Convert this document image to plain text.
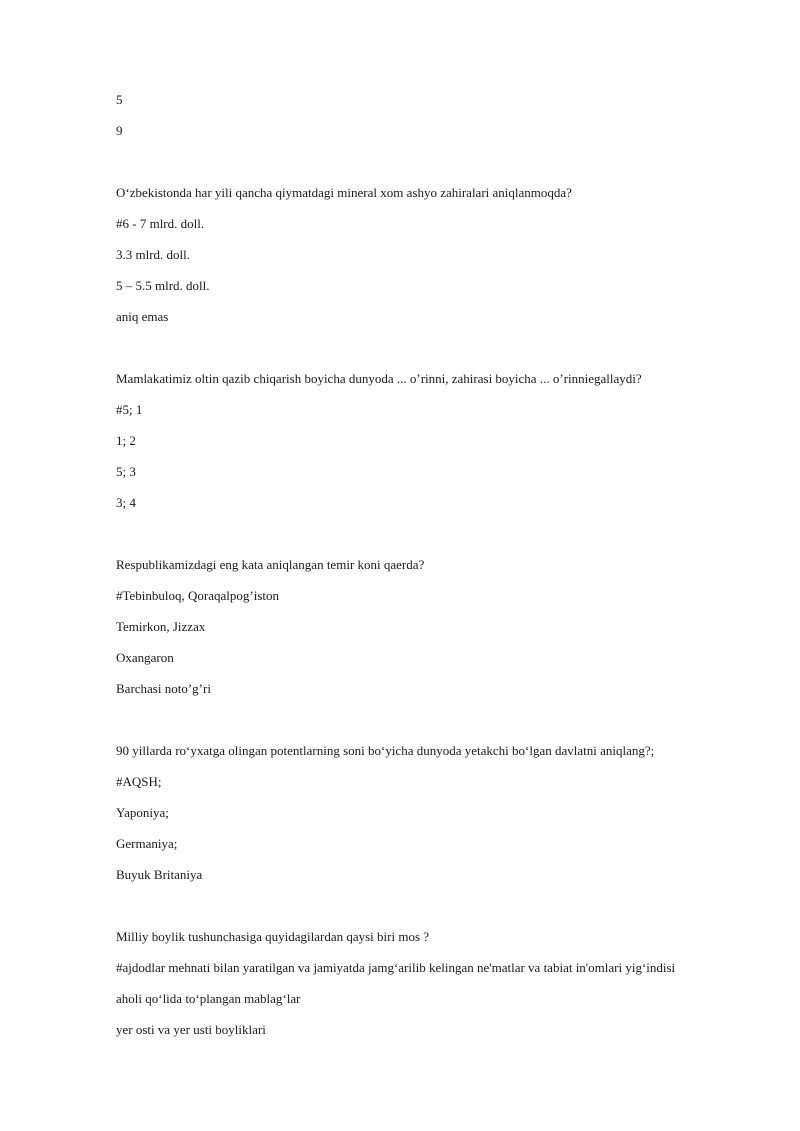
5
9
O‘zbekistonda har yili qancha qiymatdagi mineral xom ashyo zahiralari aniqlanmoqda?
#6 - 7 mlrd. doll.
3.3 mlrd. doll.
5 – 5.5 mlrd. doll.
aniq emas
Mamlakatimiz oltin qazib chiqarish boyicha dunyoda ... o’rinni, zahirasi boyicha ... o’rinniegallaydi?
#5; 1
1; 2
5; 3
3; 4
Respublikamizdagi eng kata aniqlangan temir koni qaerda?
#Tebinbuloq, Qoraqalpog’iston
Temirkon, Jizzax
Oxangaron
Barchasi noto’g’ri
90 yillarda ro‘yxatga olingan potentlarning soni bo‘yicha dunyoda yetakchi bo‘lgan davlatni aniqlang?;
#AQSH;
Yaponiya;
Germaniya;
Buyuk Britaniya
Milliy boylik tushunchasiga quyidagilardan qaysi biri mos ?
#ajdodlar mehnati bilan yaratilgan va jamiyatda jamg‘arilib kelingan ne'matlar va tabiat in'omlari yig‘indisi
aholi qo‘lida to‘plangan mablag‘lar
yer osti va yer usti boyliklari
